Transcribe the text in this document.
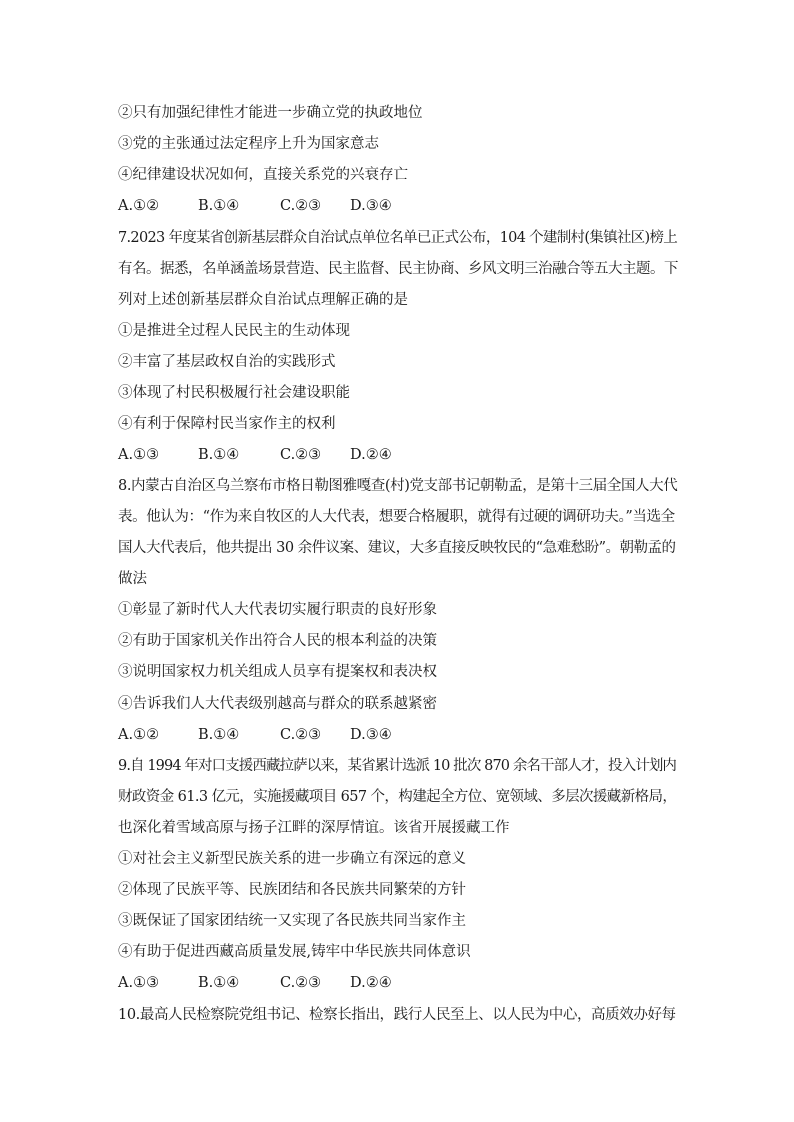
②只有加强纪律性才能进一步确立党的执政地位
③党的主张通过法定程序上升为国家意志
④纪律建设状况如何，直接关系党的兴衰存亡
A.①②	B.①④	C.②③ D.③④
7.2023 年度某省创新基层群众自治试点单位名单已正式公布，104 个建制村(集镇社区)榜上
有名。据悉，名单涵盖场景营造、民主监督、民主协商、乡风文明三治融合等五大主题。下
列对上述创新基层群众自治试点理解正确的是
①是推进全过程人民民主的生动体现
②丰富了基层政权自治的实践形式
③体现了村民积极履行社会建设职能
④有利于保障村民当家作主的权利
A.①③	B.①④	C.②③ D.②④
8.内蒙古自治区乌兰察布市格日勒图雅嘎查(村)党支部书记朝勒孟，是第十三届全国人大代
表。他认为：“作为来自牧区的人大代表，想要合格履职，就得有过硬的调研功夫。”当选全
国人大代表后，他共提出 30 余件议案、建议，大多直接反映牧民的“急难愁盼”。朝勒孟的
做法
①彰显了新时代人大代表切实履行职责的良好形象
②有助于国家机关作出符合人民的根本利益的决策
③说明国家权力机关组成人员享有提案权和表决权
④告诉我们人大代表级别越高与群众的联系越紧密
A.①②	B.①④	C.②③ D.③④
9.自 1994 年对口支援西藏拉萨以来，某省累计选派 10 批次 870 余名干部人才，投入计划内
财政资金 61.3 亿元，实施援藏项目 657 个，构建起全方位、宽领域、多层次援藏新格局，
也深化着雪域高原与扬子江畔的深厚情谊。该省开展援藏工作
①对社会主义新型民族关系的进一步确立有深远的意义
②体现了民族平等、民族团结和各民族共同繁荣的方针
③既保证了国家团结统一又实现了各民族共同当家作主
④有助于促进西藏高质量发展,铸牢中华民族共同体意识
A.①③	B.①④	C.②③ D.②④
10.最高人民检察院党组书记、检察长指出，践行人民至上、以人民为中心，高质效办好每
